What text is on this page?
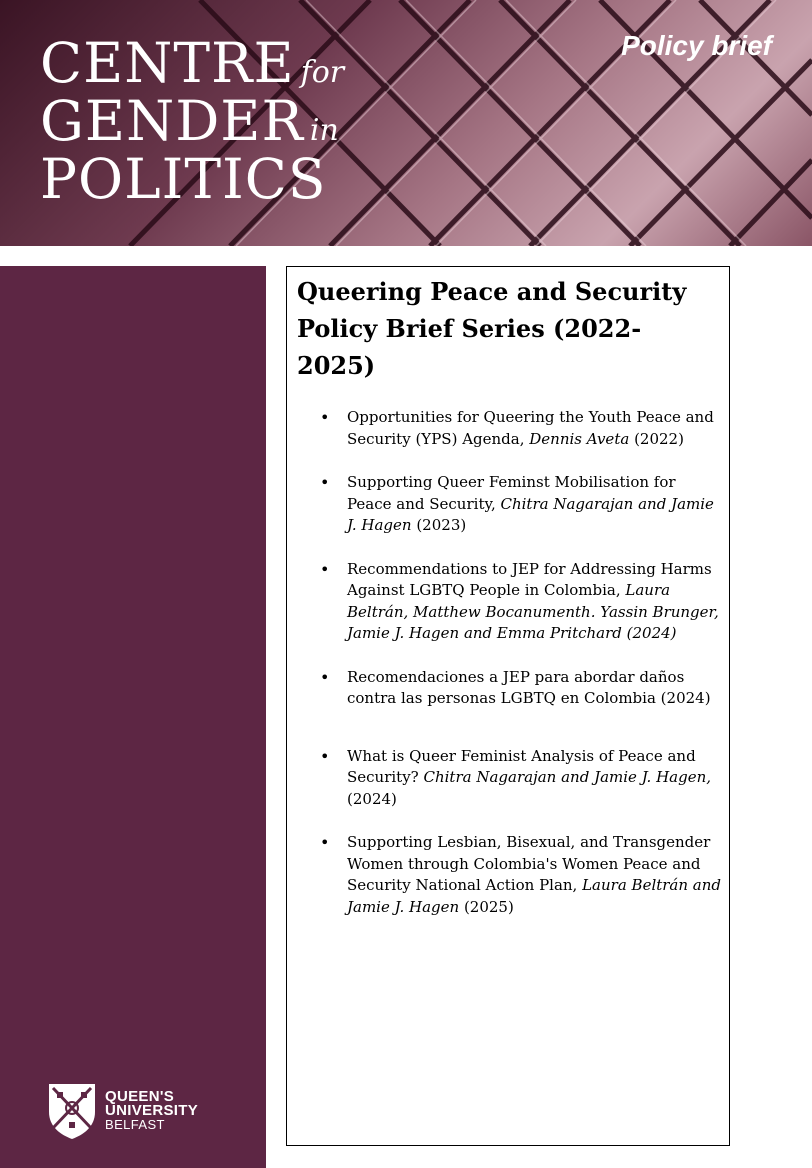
CENTRE for
GENDER in
POLITICS
Policy brief
QUEEN'S
UNIVERSITY
BELFAST
Queering Peace and Security Policy Brief Series (2022-2025)
• Opportunities for Queering the Youth Peace and Security (YPS) Agenda, Dennis Aveta (2022)
• Supporting Queer Feminst Mobilisation for Peace and Security, Chitra Nagarajan and Jamie J. Hagen (2023)
• Recommendations to JEP for Addressing Harms Against LGBTQ People in Colombia, Laura Beltrán, Matthew Bocanumenth. Yassin Brunger, Jamie J. Hagen and Emma Pritchard (2024)
• Recomendaciones a JEP para abordar daños contra las personas LGBTQ en Colombia (2024)
• What is Queer Feminist Analysis of Peace and Security? Chitra Nagarajan and Jamie J. Hagen, (2024)
• Supporting Lesbian, Bisexual, and Transgender Women through Colombia's Women Peace and Security National Action Plan, Laura Beltrán and Jamie J. Hagen (2025)
